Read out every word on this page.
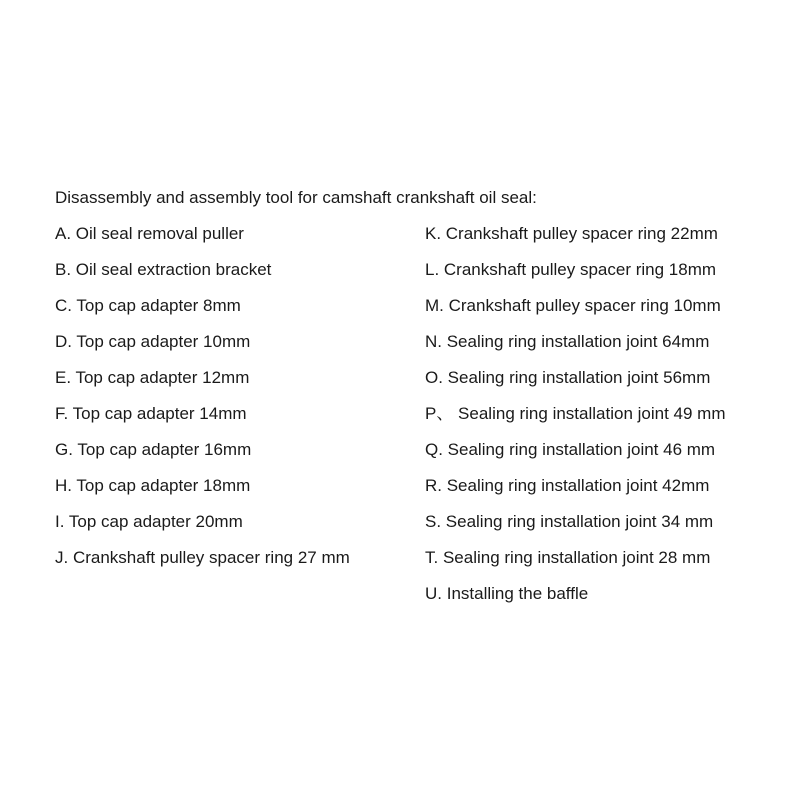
Disassembly and assembly tool for camshaft crankshaft oil seal:

A. Oil seal removal puller
B. Oil seal extraction bracket
C. Top cap adapter 8mm
D. Top cap adapter 10mm
E. Top cap adapter 12mm
F. Top cap adapter 14mm
G. Top cap adapter 16mm
H. Top cap adapter 18mm
I. Top cap adapter 20mm
J. Crankshaft pulley spacer ring 27 mm
K. Crankshaft pulley spacer ring 22mm
L. Crankshaft pulley spacer ring 18mm
M. Crankshaft pulley spacer ring 10mm
N. Sealing ring installation joint 64mm
O. Sealing ring installation joint 56mm
P、 Sealing ring installation joint 49 mm
Q. Sealing ring installation joint 46 mm
R. Sealing ring installation joint 42mm
S. Sealing ring installation joint 34 mm
T. Sealing ring installation joint 28 mm
U. Installing the baffle
